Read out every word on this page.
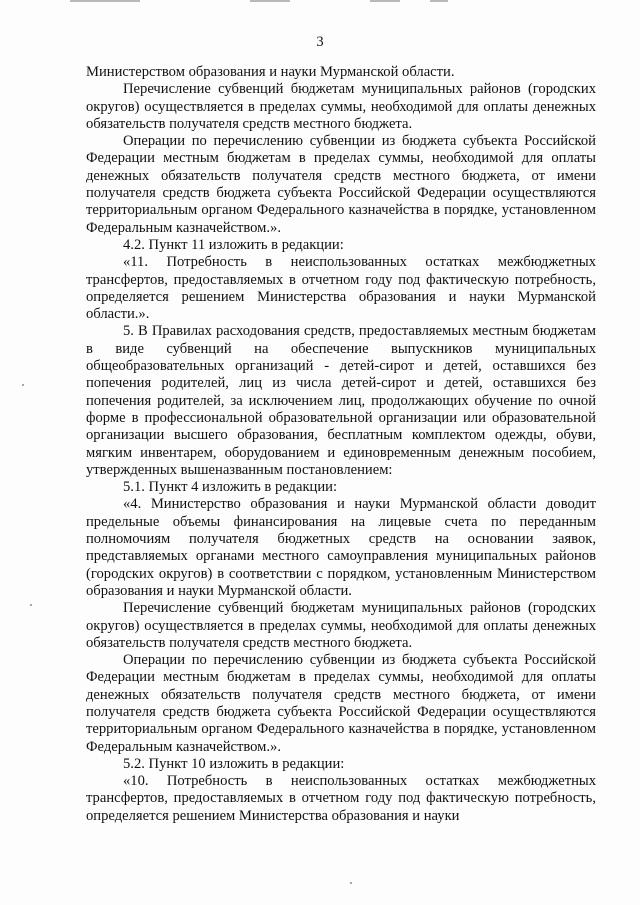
3

Министерством образования и науки Мурманской области.

Перечисление субвенций бюджетам муниципальных районов (городских округов) осуществляется в пределах суммы, необходимой для оплаты денежных обязательств получателя средств местного бюджета.

Операции по перечислению субвенции из бюджета субъекта Российской Федерации местным бюджетам в пределах суммы, необходимой для оплаты денежных обязательств получателя средств местного бюджета, от имени получателя средств бюджета субъекта Российской Федерации осуществляются территориальным органом Федерального казначейства в порядке, установленном Федеральным казначейством.».

4.2. Пункт 11 изложить в редакции:

«11. Потребность в неиспользованных остатках межбюджетных трансфертов, предоставляемых в отчетном году под фактическую потребность, определяется решением Министерства образования и науки Мурманской области.».

5. В Правилах расходования средств, предоставляемых местным бюджетам в виде субвенций на обеспечение выпускников муниципальных общеобразовательных организаций - детей-сирот и детей, оставшихся без попечения родителей, лиц из числа детей-сирот и детей, оставшихся без попечения родителей, за исключением лиц, продолжающих обучение по очной форме в профессиональной образовательной организации или образовательной организации высшего образования, бесплатным комплектом одежды, обуви, мягким инвентарем, оборудованием и единовременным денежным пособием, утвержденных вышеназванным постановлением:

5.1. Пункт 4 изложить в редакции:

«4. Министерство образования и науки Мурманской области доводит предельные объемы финансирования на лицевые счета по переданным полномочиям получателя бюджетных средств на основании заявок, представляемых органами местного самоуправления муниципальных районов (городских округов) в соответствии с порядком, установленным Министерством образования и науки Мурманской области.

Перечисление субвенций бюджетам муниципальных районов (городских округов) осуществляется в пределах суммы, необходимой для оплаты денежных обязательств получателя средств местного бюджета.

Операции по перечислению субвенции из бюджета субъекта Российской Федерации местным бюджетам в пределах суммы, необходимой для оплаты денежных обязательств получателя средств местного бюджета, от имени получателя средств бюджета субъекта Российской Федерации осуществляются территориальным органом Федерального казначейства в порядке, установленном Федеральным казначейством.».

5.2. Пункт 10 изложить в редакции:

«10. Потребность в неиспользованных остатках межбюджетных трансфертов, предоставляемых в отчетном году под фактическую потребность, определяется решением Министерства образования и науки
